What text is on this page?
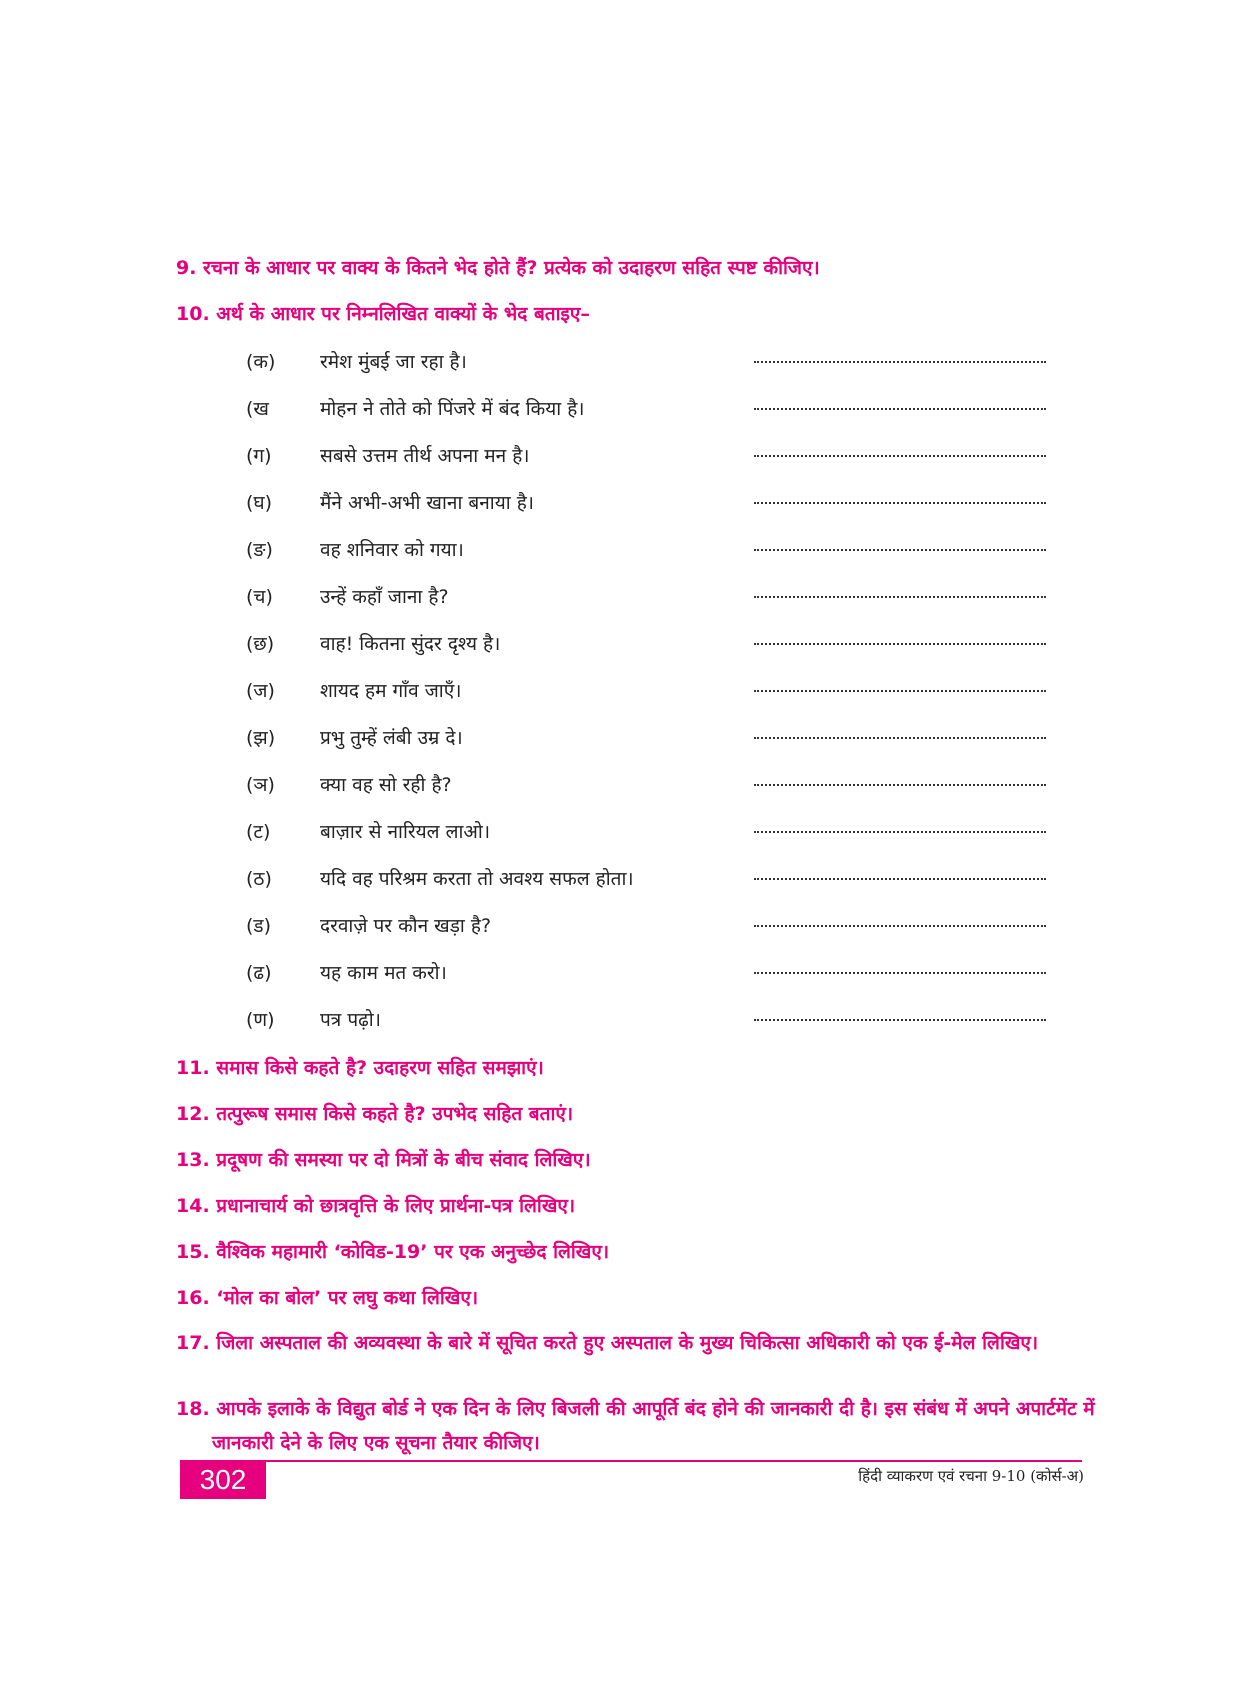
9. रचना के आधार पर वाक्य के कितने भेद होते हैं? प्रत्येक को उदाहरण सहित स्पष्ट कीजिए।
10. अर्थ के आधार पर निम्नलिखित वाक्यों के भेद बताइए–
(क)	रमेश मुंबई जा रहा है।
(ख	मोहन ने तोते को पिंजरे में बंद किया है।
(ग)	सबसे उत्तम तीर्थ अपना मन है।
(घ)	मैंने अभी-अभी खाना बनाया है।
(ङ)	वह शनिवार को गया।
(च)	उन्हें कहाँ जाना है?
(छ)	वाह! कितना सुंदर दृश्य है।
(ज)	शायद हम गाँव जाएँ।
(झ)	प्रभु तुम्हें लंबी उम्र दे।
(ञ)	क्या वह सो रही है?
(ट)	बाज़ार से नारियल लाओ।
(ठ)	यदि वह परिश्रम करता तो अवश्य सफल होता।
(ड)	दरवाज़े पर कौन खड़ा है?
(ढ)	यह काम मत करो।
(ण)	पत्र पढ़ो।
11. समास किसे कहते है? उदाहरण सहित समझाएं।
12. तत्पुरूष समास किसे कहते है? उपभेद सहित बताएं।
13. प्रदूषण की समस्या पर दो मित्रों के बीच संवाद लिखिए।
14. प्रधानाचार्य को छात्रवृत्ति के लिए प्रार्थना-पत्र लिखिए।
15. वैश्विक महामारी ‘कोविड-19’ पर एक अनुच्छेद लिखिए।
16. ‘मोल का बोल’ पर लघु कथा लिखिए।
17. जिला अस्पताल की अव्यवस्था के बारे में सूचित करते हुए अस्पताल के मुख्य चिकित्सा अधिकारी को एक ई-मेल लिखिए।
18. आपके इलाके के विद्युत बोर्ड ने एक दिन के लिए बिजली की आपूर्ति बंद होने की जानकारी दी है। इस संबंध में अपने अपार्टमेंट में जानकारी देने के लिए एक सूचना तैयार कीजिए।
302	हिंदी व्याकरण एवं रचना 9-10 (कोर्स-अ)
